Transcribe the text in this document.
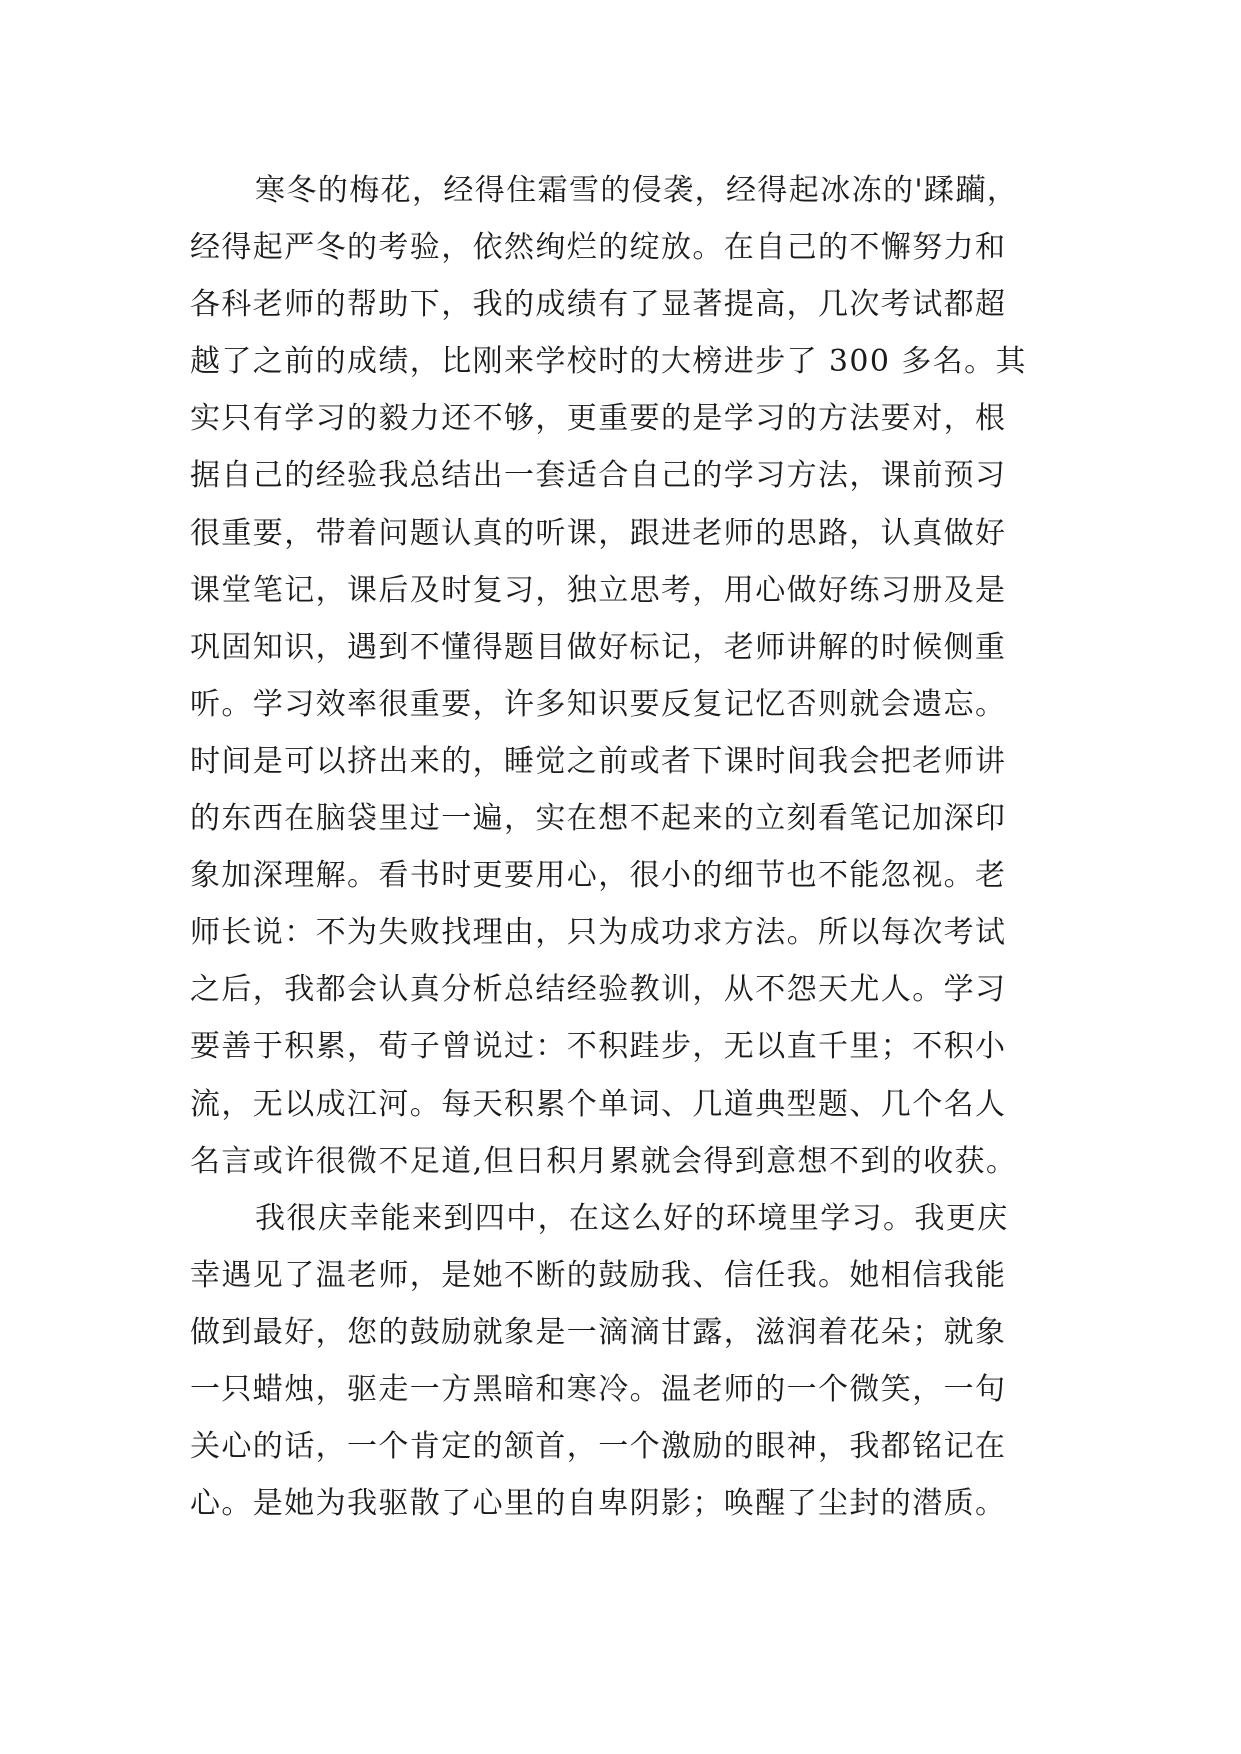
寒冬的梅花，经得住霜雪的侵袭，经得起冰冻的'蹂躏，
经得起严冬的考验，依然绚烂的绽放。在自己的不懈努力和
各科老师的帮助下，我的成绩有了显著提高，几次考试都超
越了之前的成绩，比刚来学校时的大榜进步了 300 多名。其
实只有学习的毅力还不够，更重要的是学习的方法要对，根
据自己的经验我总结出一套适合自己的学习方法，课前预习
很重要，带着问题认真的听课，跟进老师的思路，认真做好
课堂笔记，课后及时复习，独立思考，用心做好练习册及是
巩固知识，遇到不懂得题目做好标记，老师讲解的时候侧重
听。学习效率很重要，许多知识要反复记忆否则就会遗忘。
时间是可以挤出来的，睡觉之前或者下课时间我会把老师讲
的东西在脑袋里过一遍，实在想不起来的立刻看笔记加深印
象加深理解。看书时更要用心，很小的细节也不能忽视。老
师长说：不为失败找理由，只为成功求方法。所以每次考试
之后，我都会认真分析总结经验教训，从不怨天尤人。学习
要善于积累，荀子曾说过：不积跬步，无以直千里；不积小
流，无以成江河。每天积累个单词、几道典型题、几个名人
名言或许很微不足道,但日积月累就会得到意想不到的收获。
我很庆幸能来到四中，在这么好的环境里学习。我更庆
幸遇见了温老师，是她不断的鼓励我、信任我。她相信我能
做到最好，您的鼓励就象是一滴滴甘露，滋润着花朵；就象
一只蜡烛，驱走一方黑暗和寒冷。温老师的一个微笑，一句
关心的话，一个肯定的颔首，一个激励的眼神，我都铭记在
心。是她为我驱散了心里的自卑阴影；唤醒了尘封的潜质。
